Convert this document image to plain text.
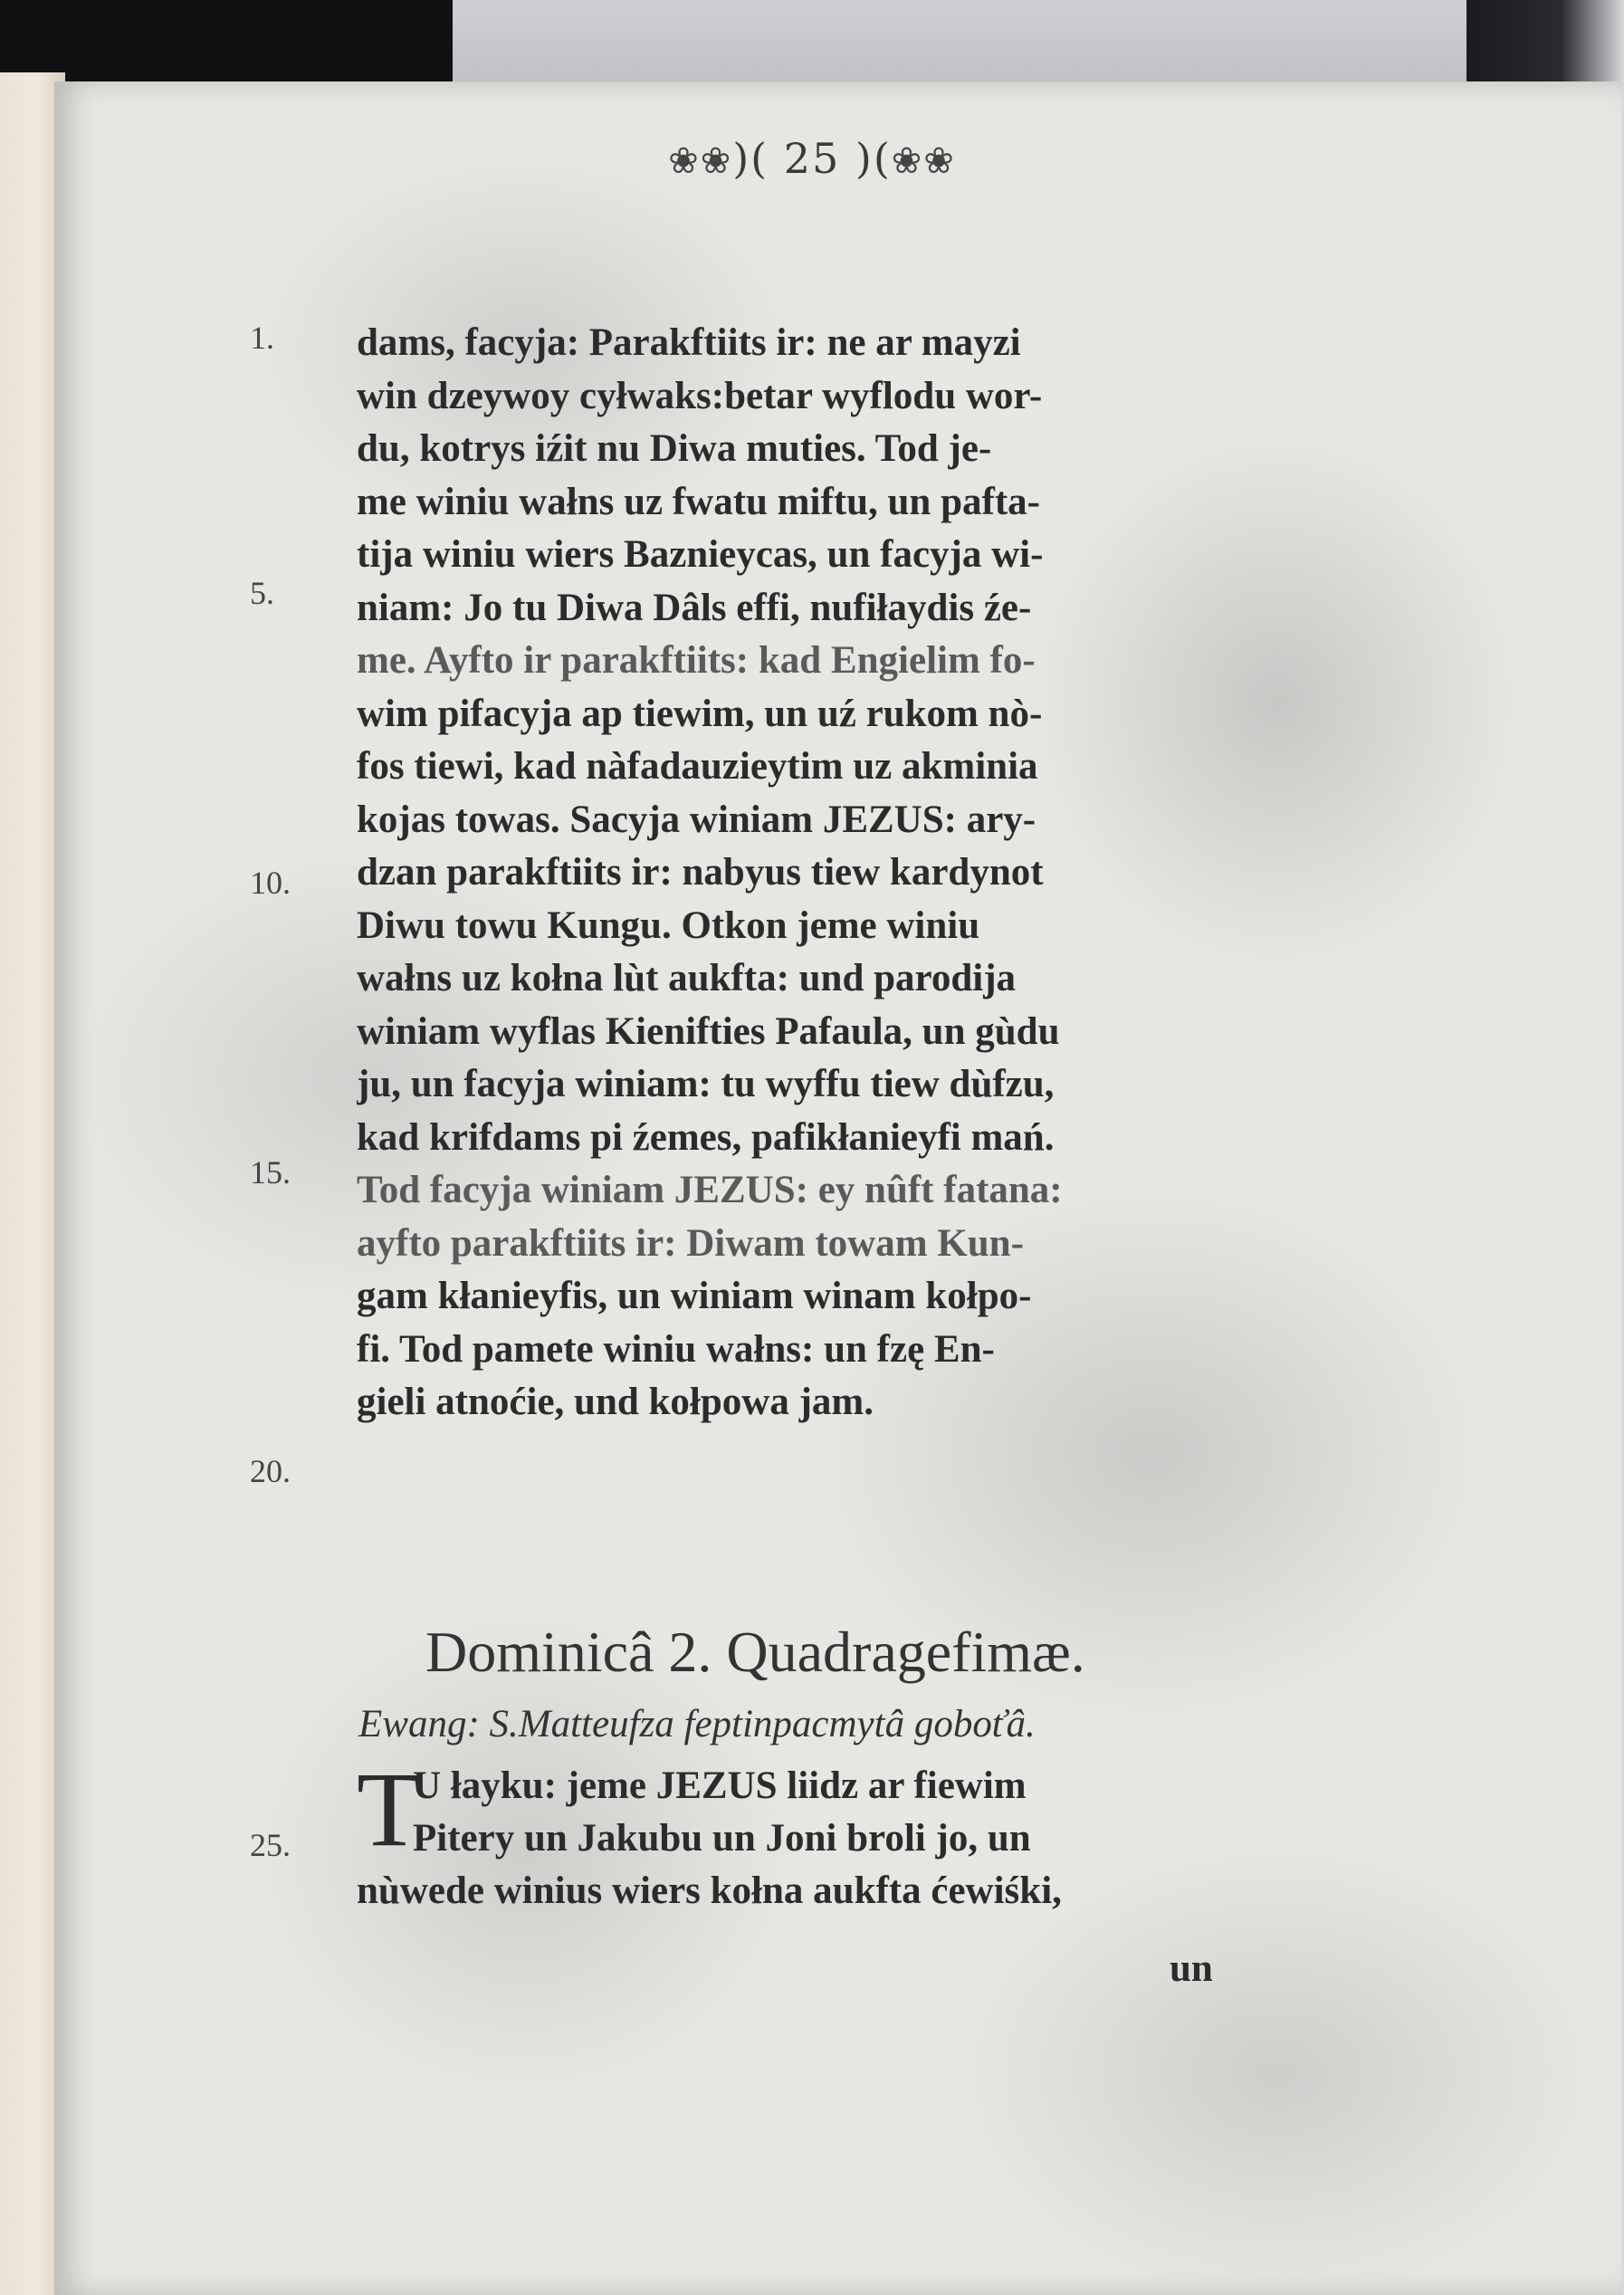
❀❀)( 25 )(❀❀
1.
5.
10.
15.
20.
25.
dams, facyja: Parakftiits ir: ne ar mayzi
win dzeywoy cyłwaks:betar wyflodu wor-
du, kotrys iźit nu Diwa muties. Tod je-
me winiu wałns uz fwatu miftu, un pafta-
tija winiu wiers Baznieycas, un facyja wi-
niam: Jo tu Diwa Dâls effi, nufiłaydis źe-
me. Ayfto ir parakftiits: kad Engielim fo-
wim pifacyja ap tiewim, un uź rukom nò-
fos tiewi, kad nàfadauzieytim uz akminia
kojas towas. Sacyja winiam JEZUS: ary-
dzan parakftiits ir: nabyus tiew kardynot
Diwu towu Kungu. Otkon jeme winiu
wałns uz kołna lùt aukfta: und parodija
winiam wyflas Kienifties Pafaula, un gùdu
ju, un facyja winiam: tu wyffu tiew dùfzu,
kad krifdams pi źemes, pafikłanieyfi mań.
Tod facyja winiam JEZUS: ey nûft fatana:
ayfto parakftiits ir: Diwam towam Kun-
gam kłanieyfis, un winiam winam kołpo-
fi. Tod pamete winiu wałns: un fzę En-
gieli atnoćie, und kołpowa jam.
Dominicâ 2. Quadragefimæ.
Ewang: S.Matteufza feptinpacmytâ goboťâ.
T
U łayku: jeme JEZUS liidz ar fiewim
Pitery un Jakubu un Joni broli jo, un
nùwede winius wiers kołna aukfta ćewiśki,
un
